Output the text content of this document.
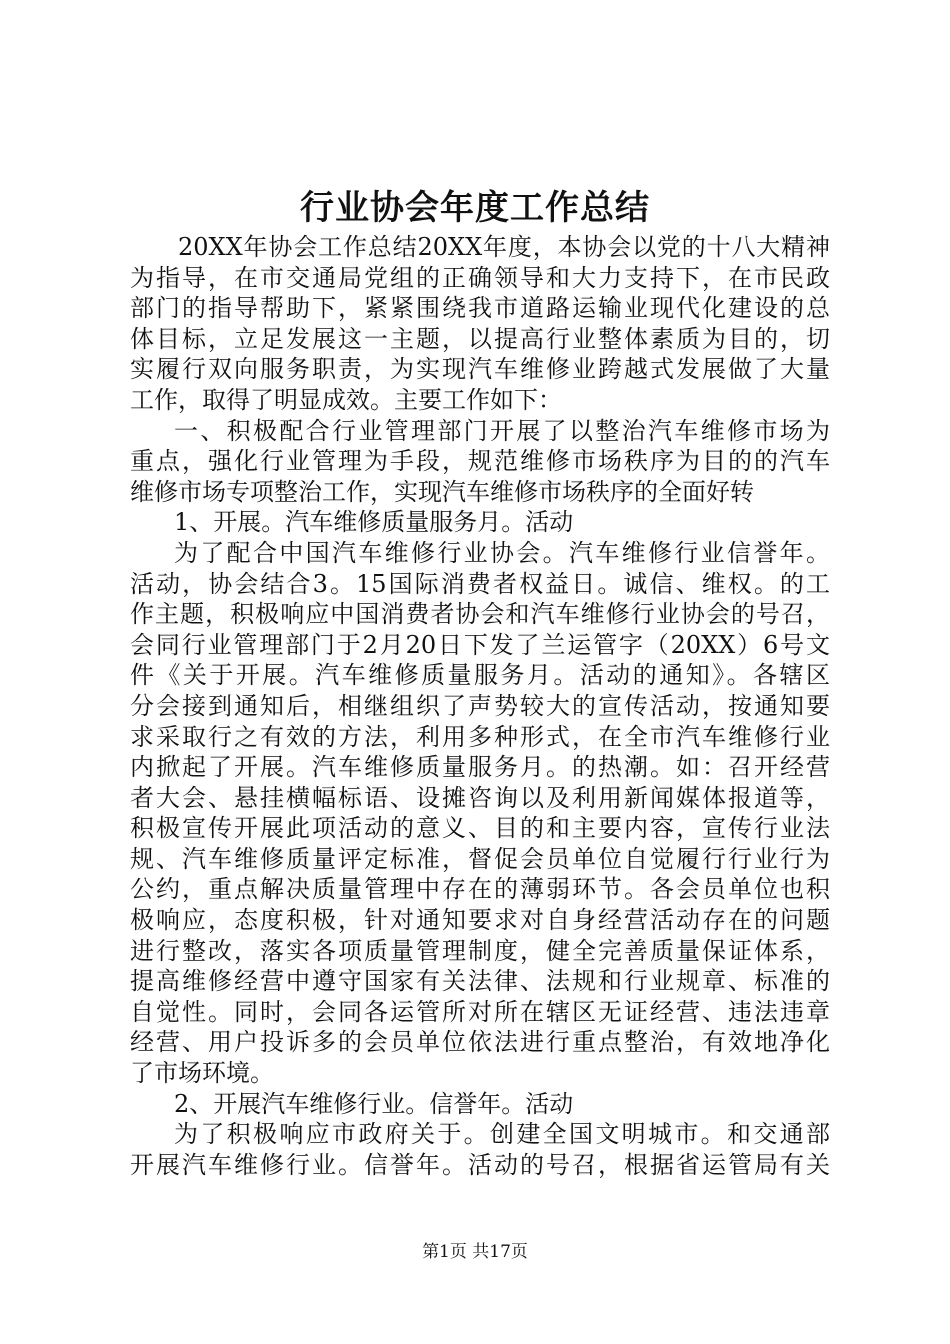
行业协会年度工作总结
20XX年协会工作总结20XX年度，本协会以党的十八大精神
为指导，在市交通局党组的正确领导和大力支持下，在市民政
部门的指导帮助下，紧紧围绕我市道路运输业现代化建设的总
体目标，立足发展这一主题，以提高行业整体素质为目的，切
实履行双向服务职责，为实现汽车维修业跨越式发展做了大量
工作，取得了明显成效。主要工作如下：
一、积极配合行业管理部门开展了以整治汽车维修市场为
重点，强化行业管理为手段，规范维修市场秩序为目的的汽车
维修市场专项整治工作，实现汽车维修市场秩序的全面好转
1、开展。汽车维修质量服务月。活动
为了配合中国汽车维修行业协会。汽车维修行业信誉年。
活动，协会结合3。15国际消费者权益日。诚信、维权。的工
作主题，积极响应中国消费者协会和汽车维修行业协会的号召，
会同行业管理部门于2月20日下发了兰运管字（20XX）6号文
件《关于开展。汽车维修质量服务月。活动的通知》。各辖区
分会接到通知后，相继组织了声势较大的宣传活动，按通知要
求采取行之有效的方法，利用多种形式，在全市汽车维修行业
内掀起了开展。汽车维修质量服务月。的热潮。如：召开经营
者大会、悬挂横幅标语、设摊咨询以及利用新闻媒体报道等，
积极宣传开展此项活动的意义、目的和主要内容，宣传行业法
规、汽车维修质量评定标准，督促会员单位自觉履行行业行为
公约，重点解决质量管理中存在的薄弱环节。各会员单位也积
极响应，态度积极，针对通知要求对自身经营活动存在的问题
进行整改，落实各项质量管理制度，健全完善质量保证体系，
提高维修经营中遵守国家有关法律、法规和行业规章、标准的
自觉性。同时，会同各运管所对所在辖区无证经营、违法违章
经营、用户投诉多的会员单位依法进行重点整治，有效地净化
了市场环境。
2、开展汽车维修行业。信誉年。活动
为了积极响应市政府关于。创建全国文明城市。和交通部
开展汽车维修行业。信誉年。活动的号召，根据省运管局有关
第1页 共17页
